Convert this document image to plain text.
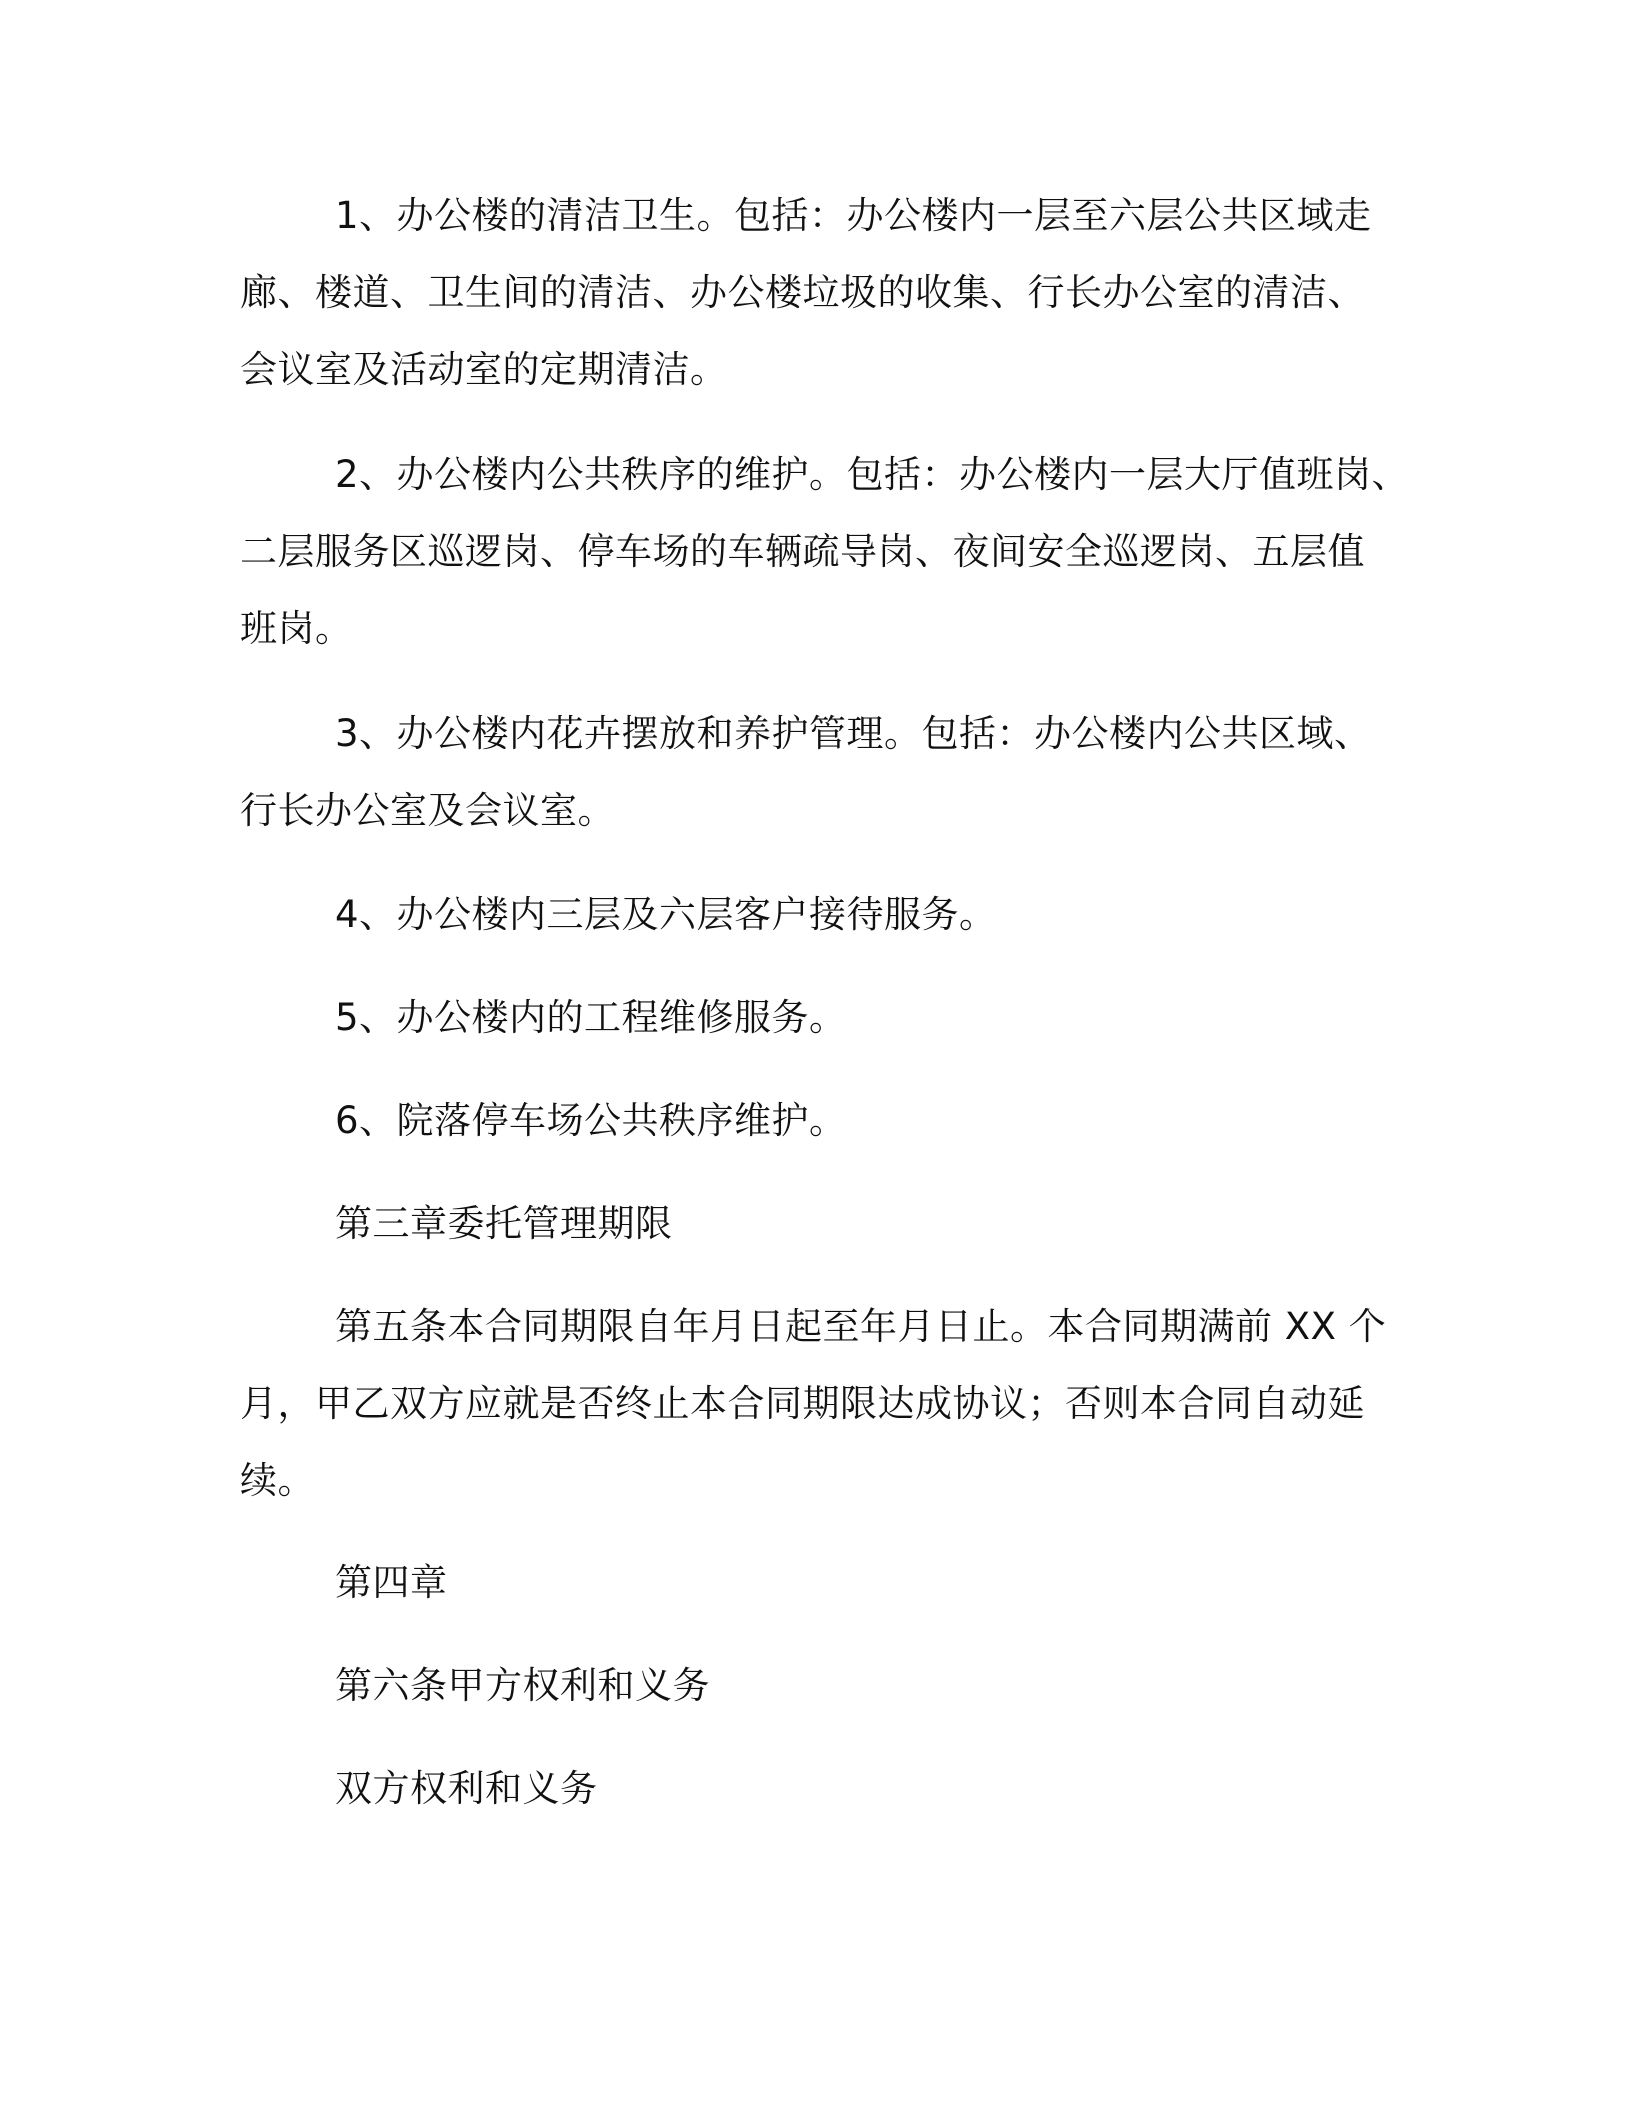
1、办公楼的清洁卫生。包括：办公楼内一层至六层公共区域走
廊、楼道、卫生间的清洁、办公楼垃圾的收集、行长办公室的清洁、
会议室及活动室的定期清洁。
2、办公楼内公共秩序的维护。包括：办公楼内一层大厅值班岗、
二层服务区巡逻岗、停车场的车辆疏导岗、夜间安全巡逻岗、五层值
班岗。
3、办公楼内花卉摆放和养护管理。包括：办公楼内公共区域、
行长办公室及会议室。
4、办公楼内三层及六层客户接待服务。
5、办公楼内的工程维修服务。
6、院落停车场公共秩序维护。
第三章委托管理期限
第五条本合同期限自年月日起至年月日止。本合同期满前 XX 个
月，甲乙双方应就是否终止本合同期限达成协议；否则本合同自动延
续。
第四章
第六条甲方权利和义务
双方权利和义务
